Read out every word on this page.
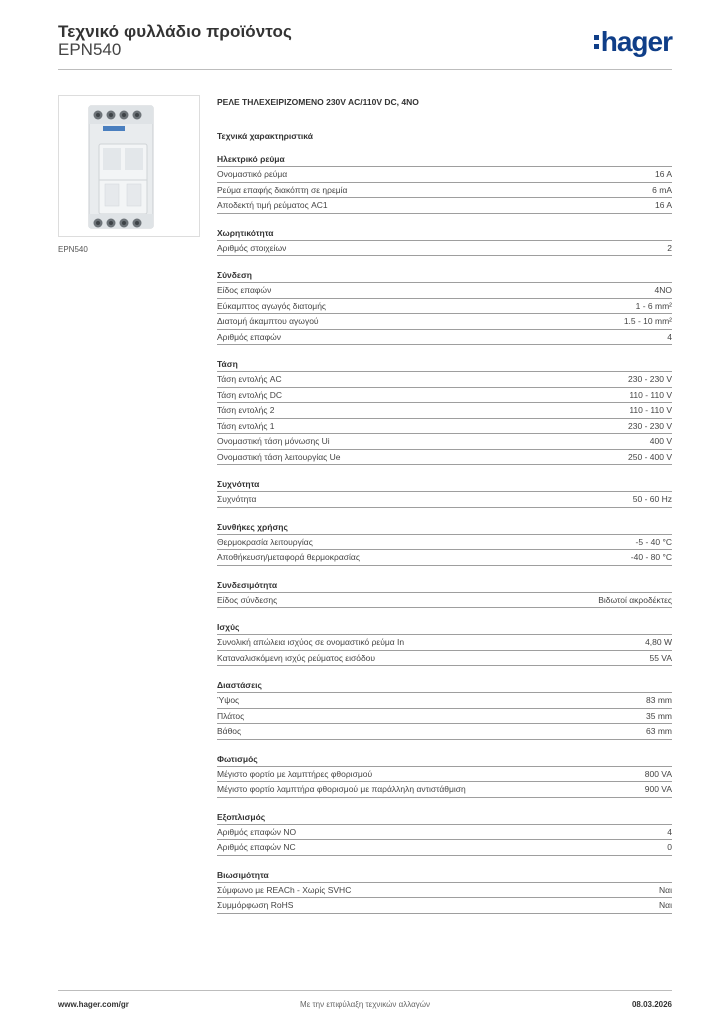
Τεχνικό φυλλάδιο προϊόντος
EPN540	hager
EPN540
ΡΕΛΕ ΤΗΛΕΧΕΙΡΙΖΟΜΕΝΟ 230V AC/110V DC, 4NO
Τεχνικά χαρακτηριστικά
Ηλεκτρικό ρεύμα
Ονομαστικό ρεύμα	16 A
Ρεύμα επαφής διακόπτη σε ηρεμία	6 mA
Αποδεκτή τιμή ρεύματος AC1	16 A
Χωρητικότητα
Αριθμός στοιχείων	2
Σύνδεση
Είδος επαφών	4NO
Εύκαμπτος αγωγός διατομής	1 - 6 mm²
Διατομή άκαμπτου αγωγού	1.5 - 10 mm²
Αριθμός επαφών	4
Τάση
Τάση εντολής AC	230 - 230 V
Τάση εντολής DC	110 - 110 V
Τάση εντολής 2	110 - 110 V
Τάση εντολής 1	230 - 230 V
Ονομαστική τάση μόνωσης Ui	400 V
Ονομαστική τάση λειτουργίας Ue	250 - 400 V
Συχνότητα
Συχνότητα	50 - 60 Hz
Συνθήκες χρήσης
Θερμοκρασία λειτουργίας	-5 - 40 °C
Αποθήκευση/μεταφορά θερμοκρασίας	-40 - 80 °C
Συνδεσιμότητα
Είδος σύνδεσης	Βιδωτοί ακροδέκτες
Ισχύς
Συνολική απώλεια ισχύος σε ονομαστικό ρεύμα In	4,80 W
Καταναλισκόμενη ισχύς ρεύματος εισόδου	55 VA
Διαστάσεις
Ύψος	83 mm
Πλάτος	35 mm
Βάθος	63 mm
Φωτισμός
Μέγιστο φορτίο με λαμπτήρες φθορισμού	800 VA
Μέγιστο φορτίο λαμπτήρα φθορισμού με παράλληλη αντιστάθμιση	900 VA
Εξοπλισμός
Αριθμός επαφών NO	4
Αριθμός επαφών NC	0
Βιωσιμότητα
Σύμφωνο με REACh - Χωρίς SVHC	Ναι
Συμμόρφωση RoHS	Ναι
www.hager.com/gr	Με την επιφύλαξη τεχνικών αλλαγών	08.03.2026
